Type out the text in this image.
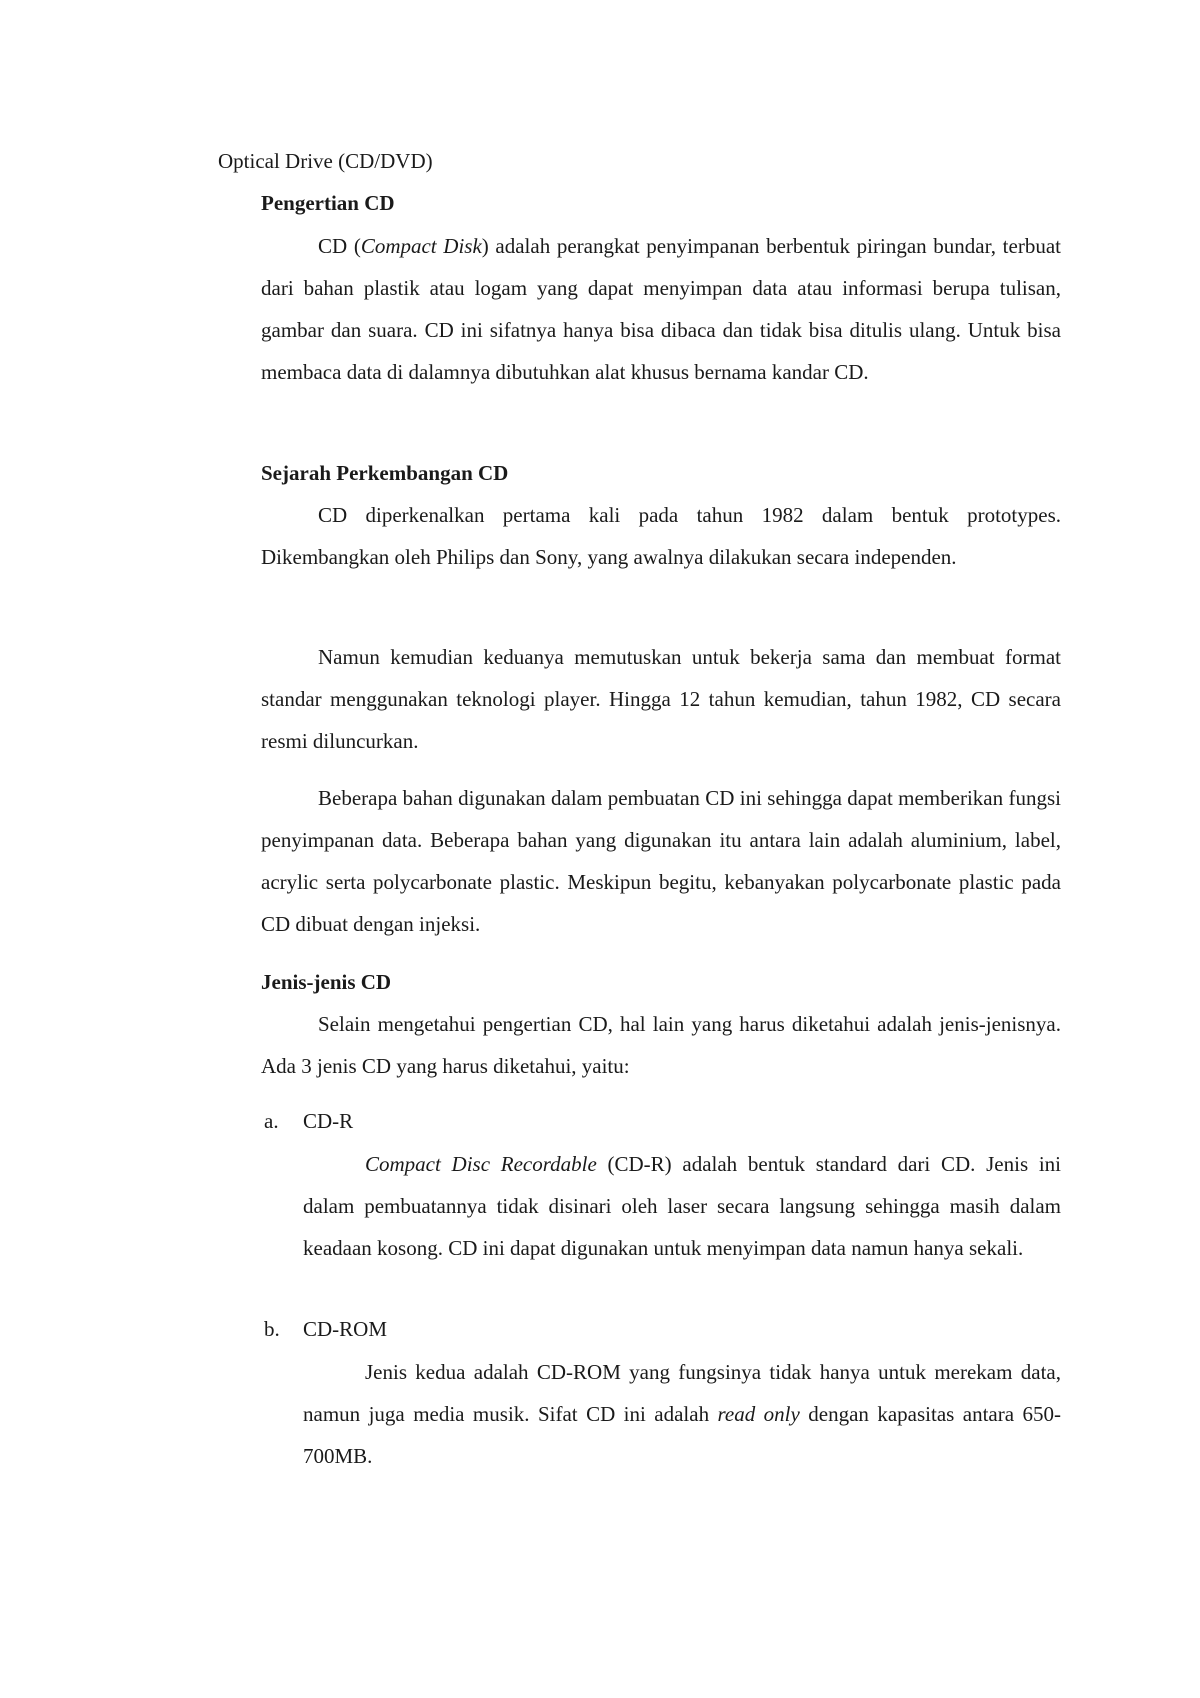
Optical Drive (CD/DVD)
Pengertian CD

CD (Compact Disk) adalah perangkat penyimpanan berbentuk piringan bundar, terbuat dari bahan plastik atau logam yang dapat menyimpan data atau informasi berupa tulisan, gambar dan suara. CD ini sifatnya hanya bisa dibaca dan tidak bisa ditulis ulang. Untuk bisa membaca data di dalamnya dibutuhkan alat khusus bernama kandar CD.

Sejarah Perkembangan CD

CD diperkenalkan pertama kali pada tahun 1982 dalam bentuk prototypes. Dikembangkan oleh Philips dan Sony, yang awalnya dilakukan secara independen.

Namun kemudian keduanya memutuskan untuk bekerja sama dan membuat format standar menggunakan teknologi player. Hingga 12 tahun kemudian, tahun 1982, CD secara resmi diluncurkan.

Beberapa bahan digunakan dalam pembuatan CD ini sehingga dapat memberikan fungsi penyimpanan data. Beberapa bahan yang digunakan itu antara lain adalah aluminium, label, acrylic serta polycarbonate plastic. Meskipun begitu, kebanyakan polycarbonate plastic pada CD dibuat dengan injeksi.

Jenis-jenis CD

Selain mengetahui pengertian CD, hal lain yang harus diketahui adalah jenis-jenisnya. Ada 3 jenis CD yang harus diketahui, yaitu:

a. CD-R

Compact Disc Recordable (CD-R) adalah bentuk standard dari CD. Jenis ini dalam pembuatannya tidak disinari oleh laser secara langsung sehingga masih dalam keadaan kosong. CD ini dapat digunakan untuk menyimpan data namun hanya sekali.

b. CD-ROM

Jenis kedua adalah CD-ROM yang fungsinya tidak hanya untuk merekam data, namun juga media musik. Sifat CD ini adalah read only dengan kapasitas antara 650-700MB.
